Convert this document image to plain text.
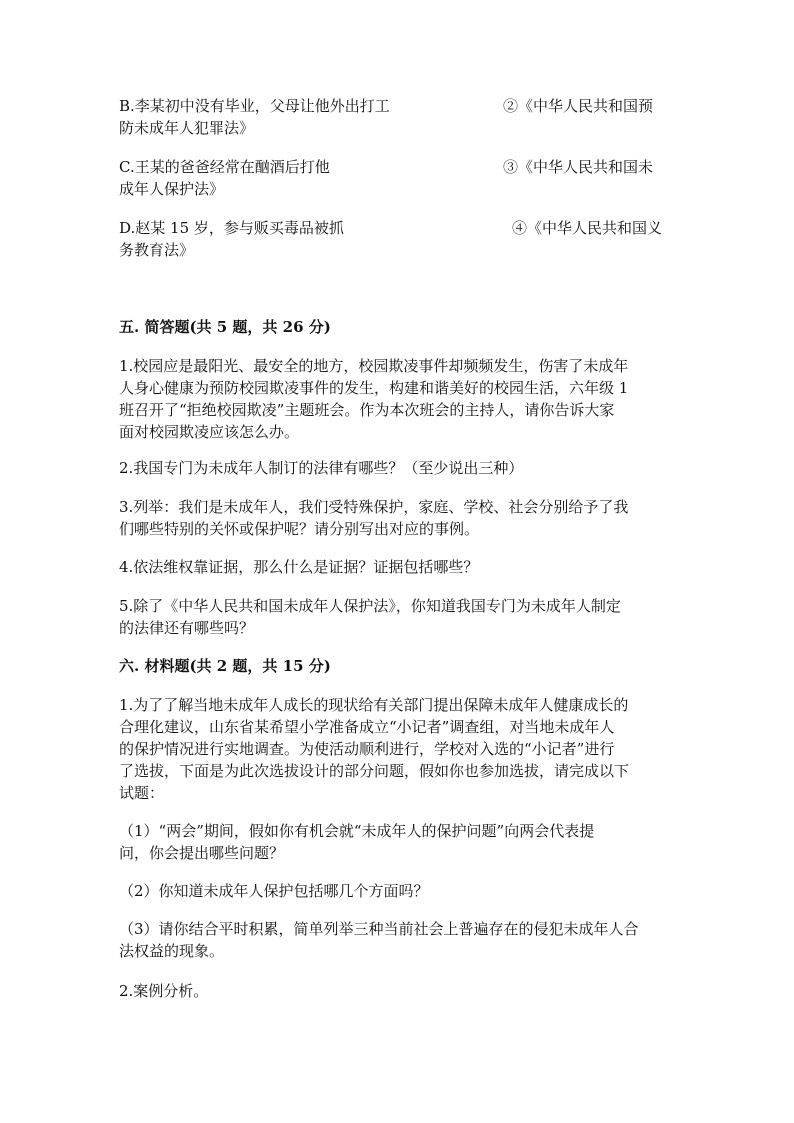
B.李某初中没有毕业，父母让他外出打工	②《中华人民共和国预
防未成年人犯罪法》
C.王某的爸爸经常在酗酒后打他	③《中华人民共和国未
成年人保护法》
D.赵某 15 岁，参与贩买毒品被抓	④《中华人民共和国义
务教育法》
五. 简答题(共 5 题，共 26 分)
1.校园应是最阳光、最安全的地方，校园欺凌事件却频频发生，伤害了未成年
人身心健康为预防校园欺凌事件的发生，构建和谐美好的校园生活，六年级 1
班召开了“拒绝校园欺凌”主题班会。作为本次班会的主持人，请你告诉大家
面对校园欺凌应该怎么办。
2.我国专门为未成年人制订的法律有哪些？（至少说出三种）
3.列举：我们是未成年人，我们受特殊保护，家庭、学校、社会分别给予了我
们哪些特别的关怀或保护呢？请分别写出对应的事例。
4.依法维权靠证据，那么什么是证据？证据包括哪些？
5.除了《中华人民共和国未成年人保护法》，你知道我国专门为未成年人制定
的法律还有哪些吗？
六. 材料题(共 2 题，共 15 分)
1.为了了解当地未成年人成长的现状给有关部门提出保障未成年人健康成长的
合理化建议，山东省某希望小学准备成立“小记者”调查组，对当地未成年人
的保护情况进行实地调查。为使活动顺利进行，学校对入选的“小记者”进行
了选拔，下面是为此次选拔设计的部分问题，假如你也参加选拔，请完成以下
试题：
（1）“两会”期间，假如你有机会就“未成年人的保护问题”向两会代表提
问，你会提出哪些问题？
（2）你知道未成年人保护包括哪几个方面吗？
（3）请你结合平时积累，简单列举三种当前社会上普遍存在的侵犯未成年人合
法权益的现象。
2.案例分析。
